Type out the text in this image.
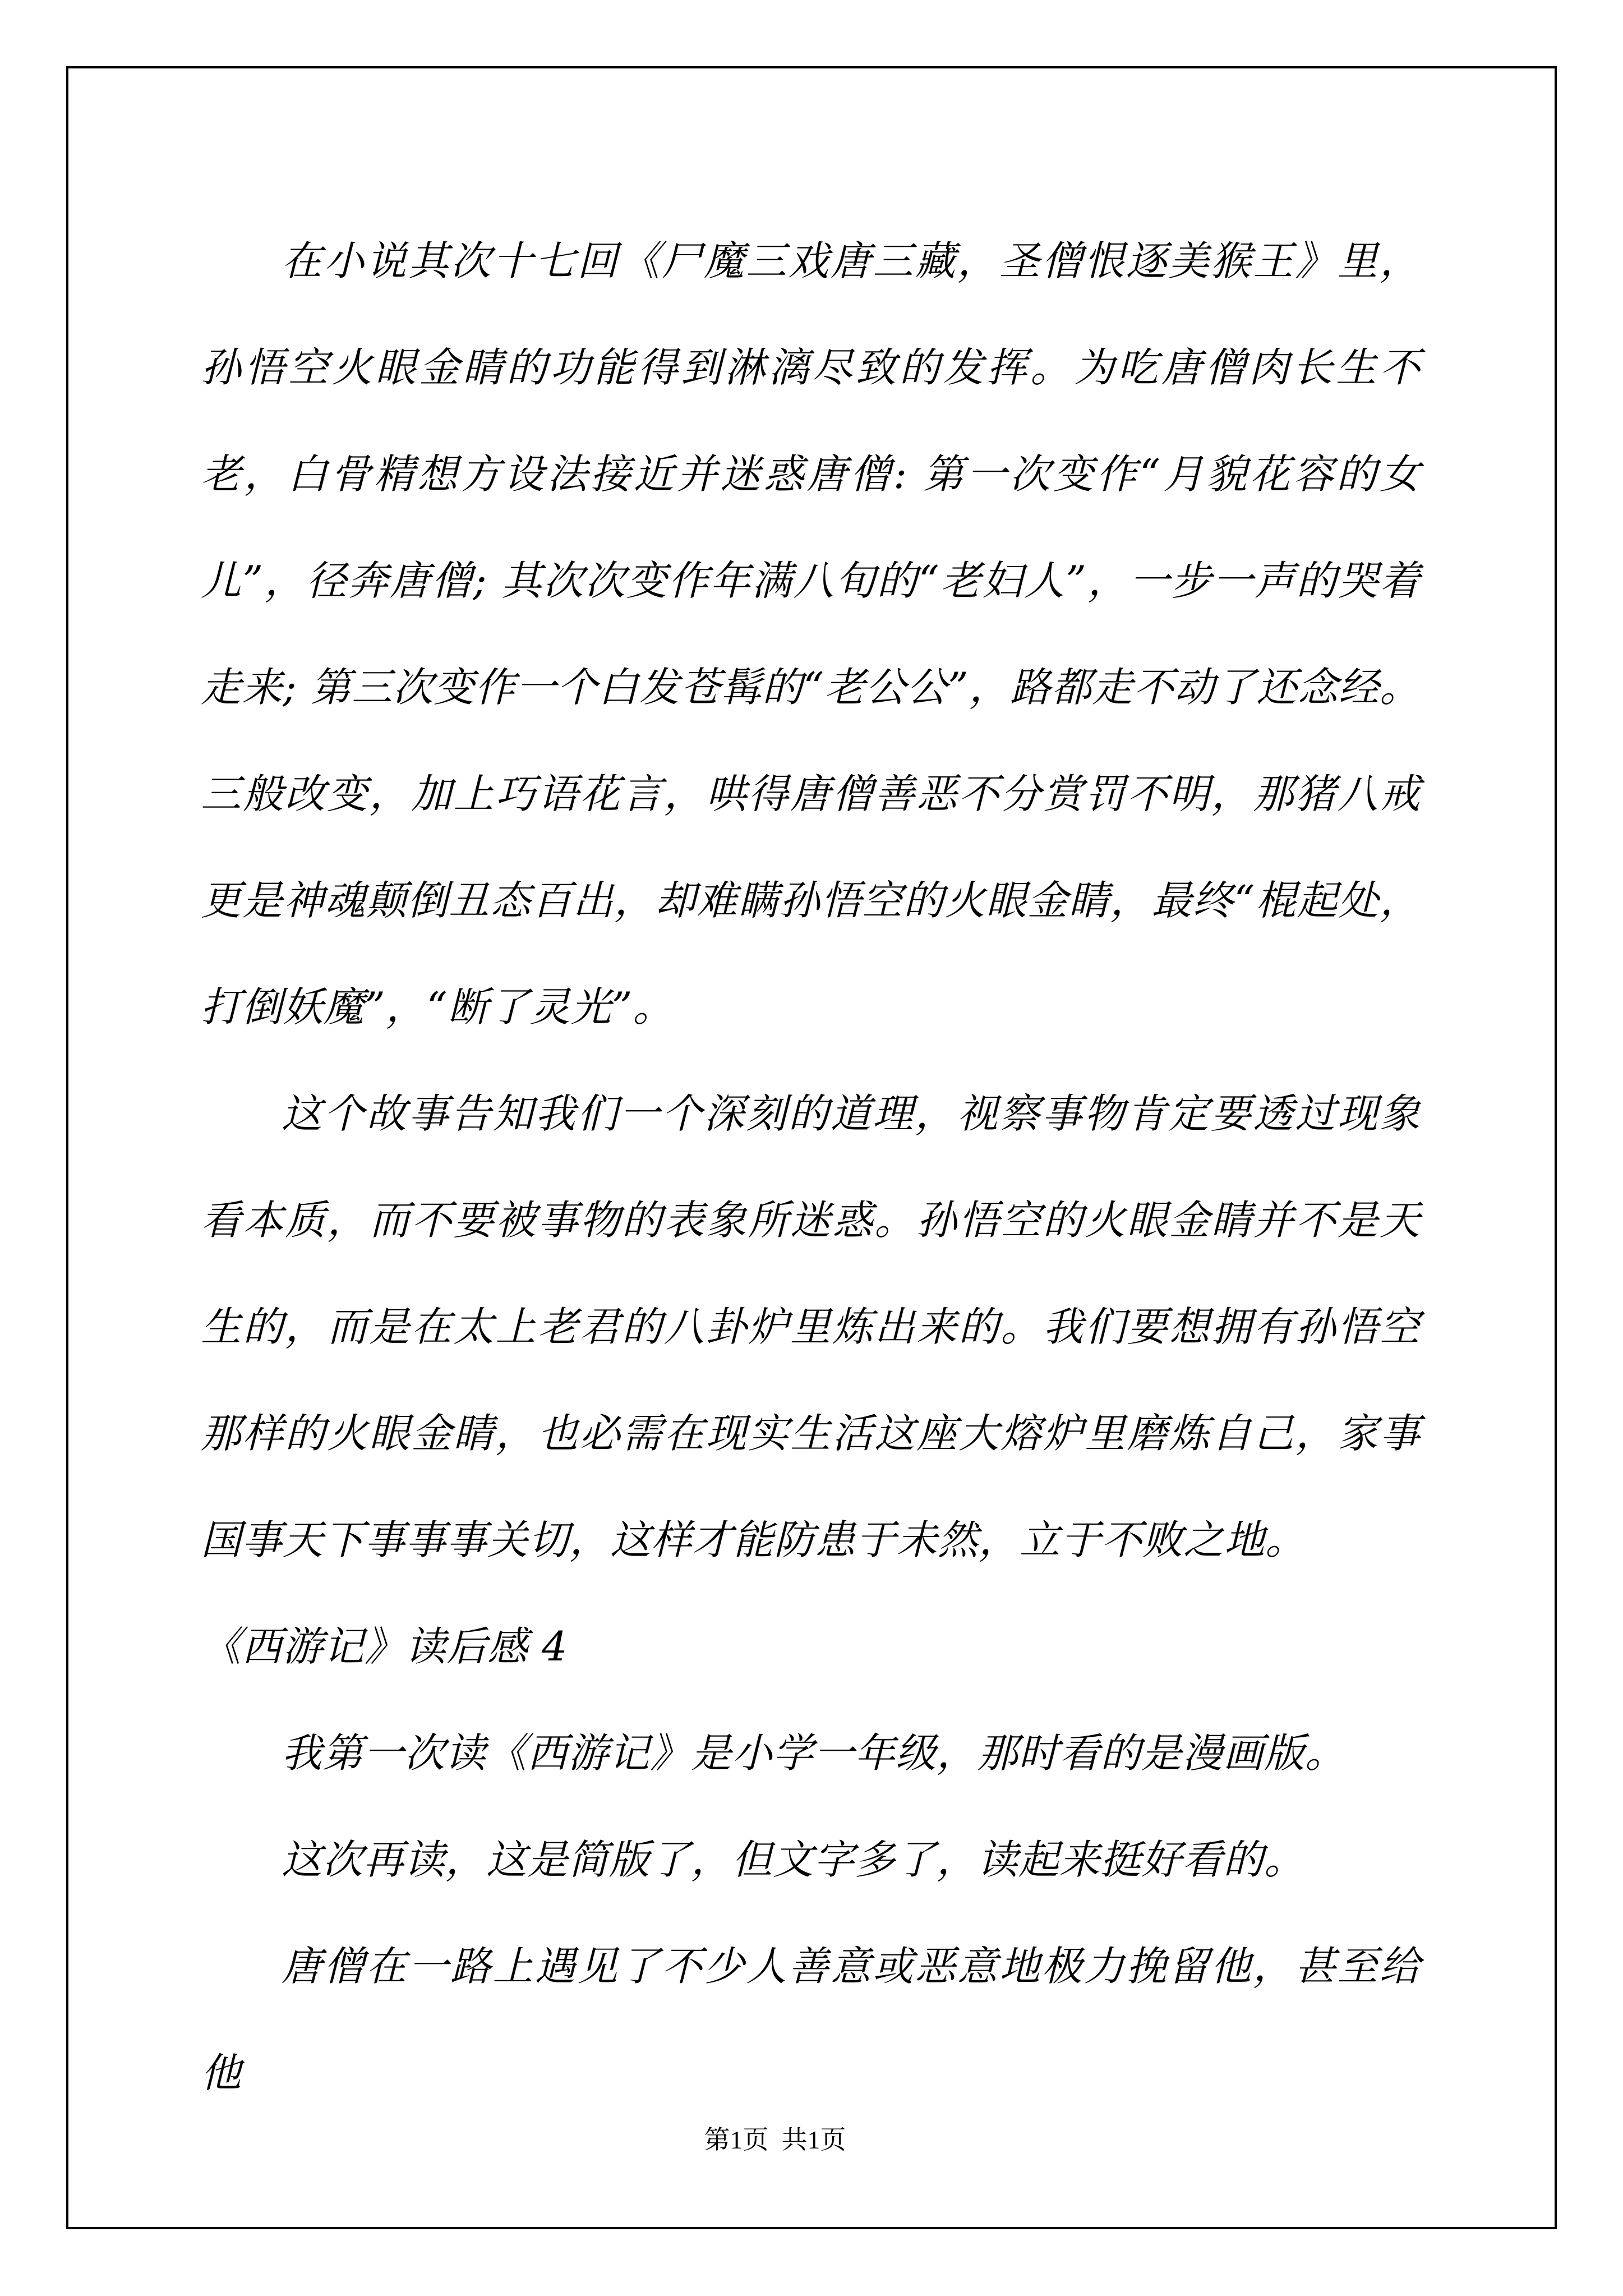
在小说其次十七回《尸魔三戏唐三藏，圣僧恨逐美猴王》里，孙悟空火眼金睛的功能得到淋漓尽致的发挥。为吃唐僧肉长生不老，白骨精想方设法接近并迷惑唐僧: 第一次变作“月貌花容的女儿”，径奔唐僧; 其次次变作年满八旬的“老妇人”，一步一声的哭着走来; 第三次变作一个白发苍髯的“老公公”，路都走不动了还念经。三般改变，加上巧语花言，哄得唐僧善恶不分赏罚不明，那猪八戒更是神魂颠倒丑态百出，却难瞒孙悟空的火眼金睛，最终“棍起处，打倒妖魔”，“断了灵光”。

这个故事告知我们一个深刻的道理，视察事物肯定要透过现象看本质，而不要被事物的表象所迷惑。孙悟空的火眼金睛并不是天生的，而是在太上老君的八卦炉里炼出来的。我们要想拥有孙悟空那样的火眼金睛，也必需在现实生活这座大熔炉里磨炼自己，家事国事天下事事事关切，这样才能防患于未然，立于不败之地。

《西游记》读后感 4

我第一次读《西游记》是小学一年级，那时看的是漫画版。

这次再读，这是简版了，但文字多了，读起来挺好看的。

唐僧在一路上遇见了不少人善意或恶意地极力挽留他，甚至给他

第1页  共1页
